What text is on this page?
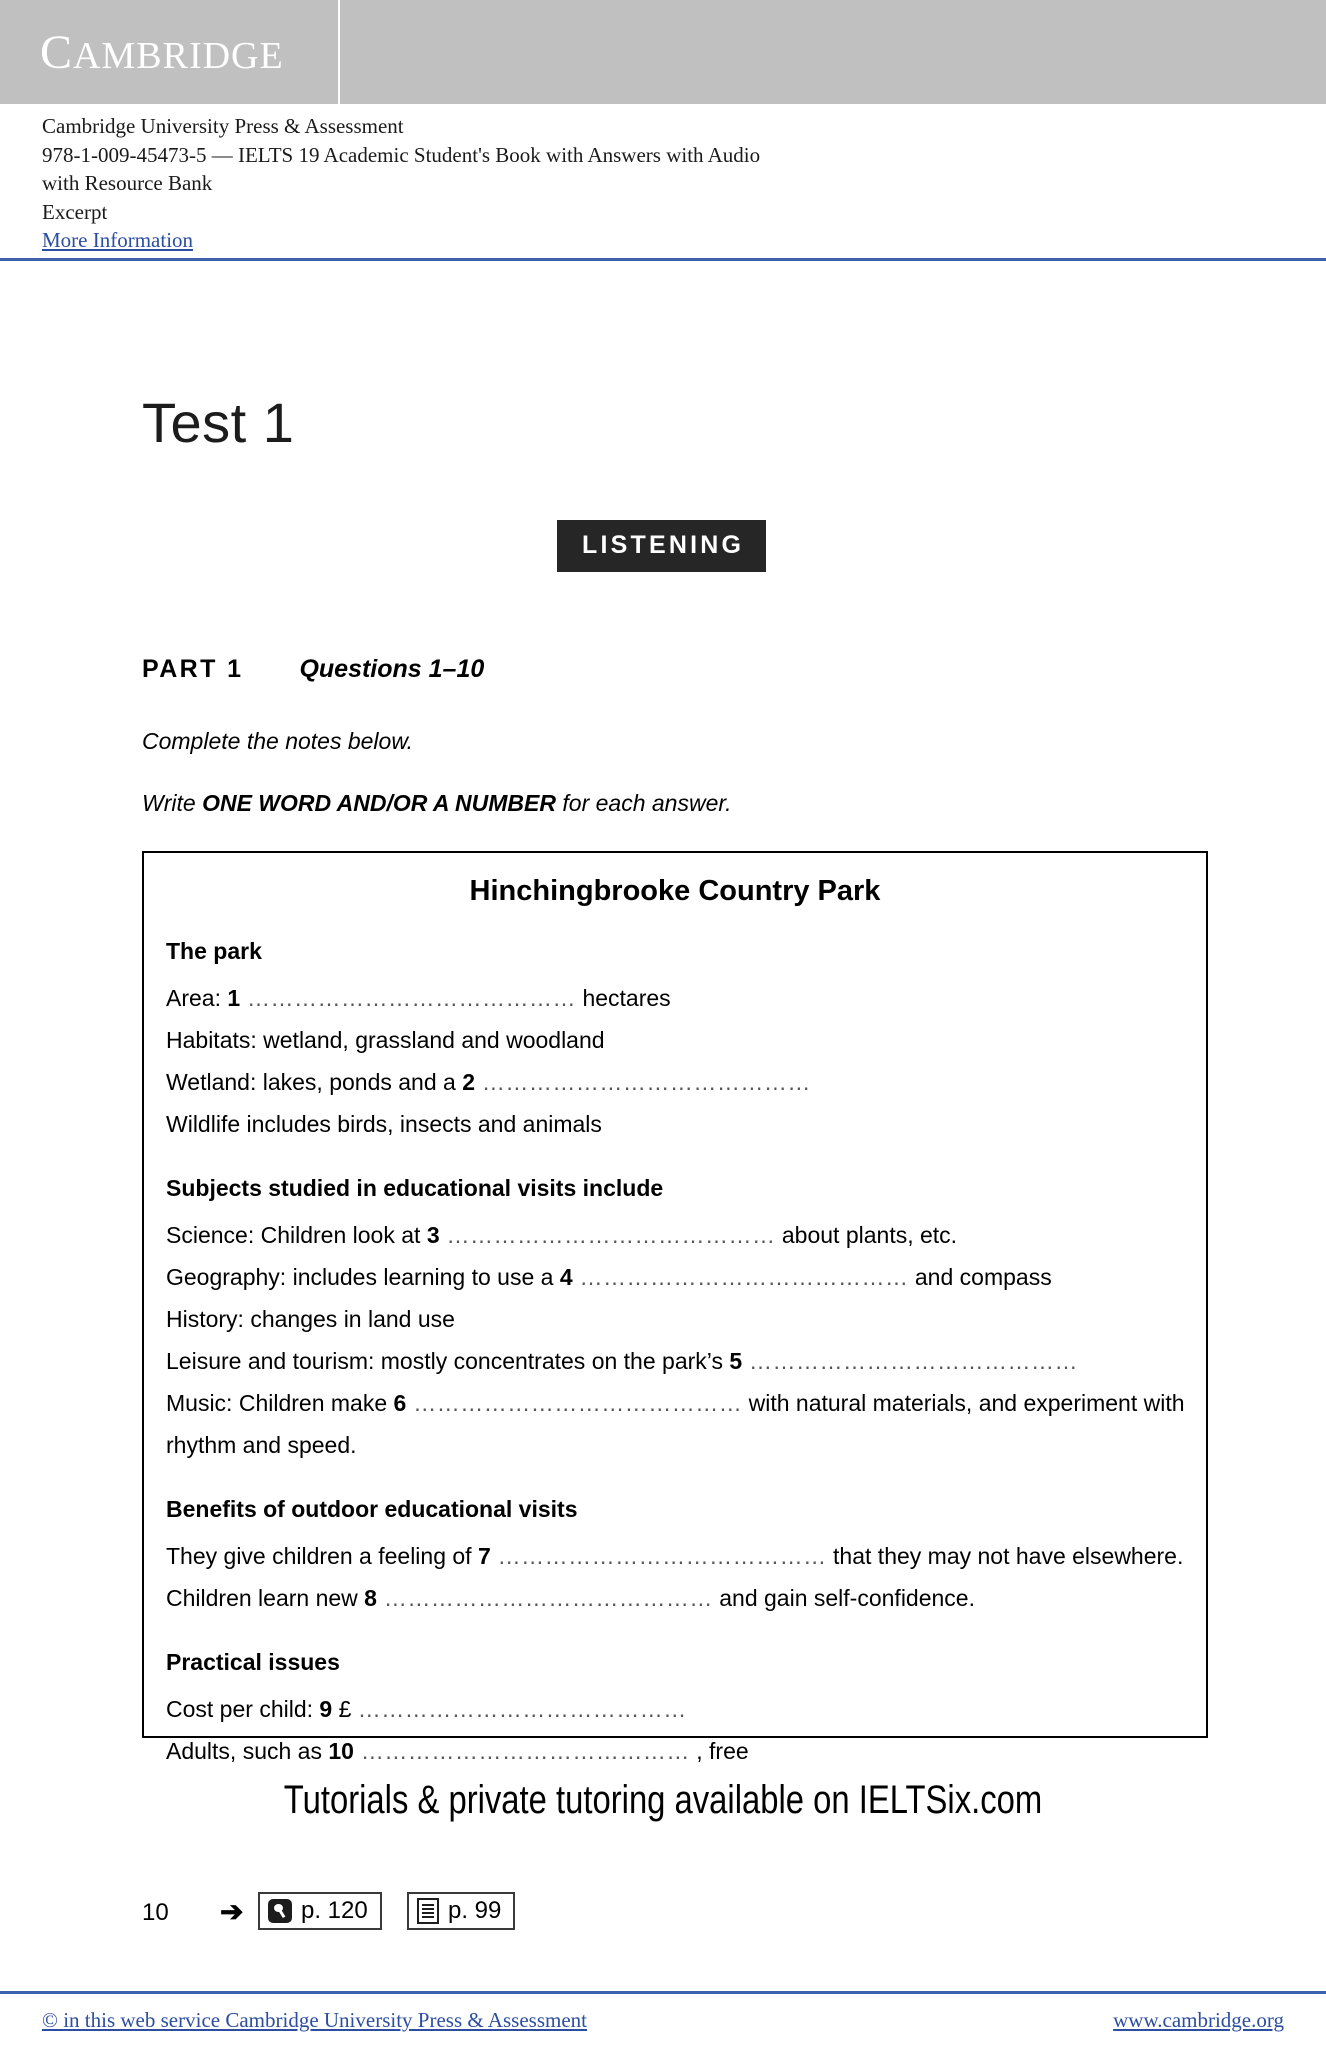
CAMBRIDGE
Cambridge University Press & Assessment
978-1-009-45473-5 — IELTS 19 Academic Student's Book with Answers with Audio
with Resource Bank
Excerpt
More Information
Test 1
LISTENING
PART 1 Questions 1–10
Complete the notes below.
Write ONE WORD AND/OR A NUMBER for each answer.
Hinchingbrooke Country Park
The park
Area: 1 …………………………………… hectares
Habitats: wetland, grassland and woodland
Wetland: lakes, ponds and a 2 ……………………………………
Wildlife includes birds, insects and animals
Subjects studied in educational visits include
Science: Children look at 3 …………………………………… about plants, etc.
Geography: includes learning to use a 4 …………………………………… and compass
History: changes in land use
Leisure and tourism: mostly concentrates on the park’s 5 ……………………………………
Music: Children make 6 …………………………………… with natural materials, and experiment with rhythm and speed.
Benefits of outdoor educational visits
They give children a feeling of 7 …………………………………… that they may not have elsewhere.
Children learn new 8 …………………………………… and gain self-confidence.
Practical issues
Cost per child: 9 £ ……………………………………
Adults, such as 10 …………………………………… , free
Tutorials & private tutoring available on IELTSix.com
10 ➔ p. 120	p. 99
© in this web service Cambridge University Press & Assessment	www.cambridge.org
